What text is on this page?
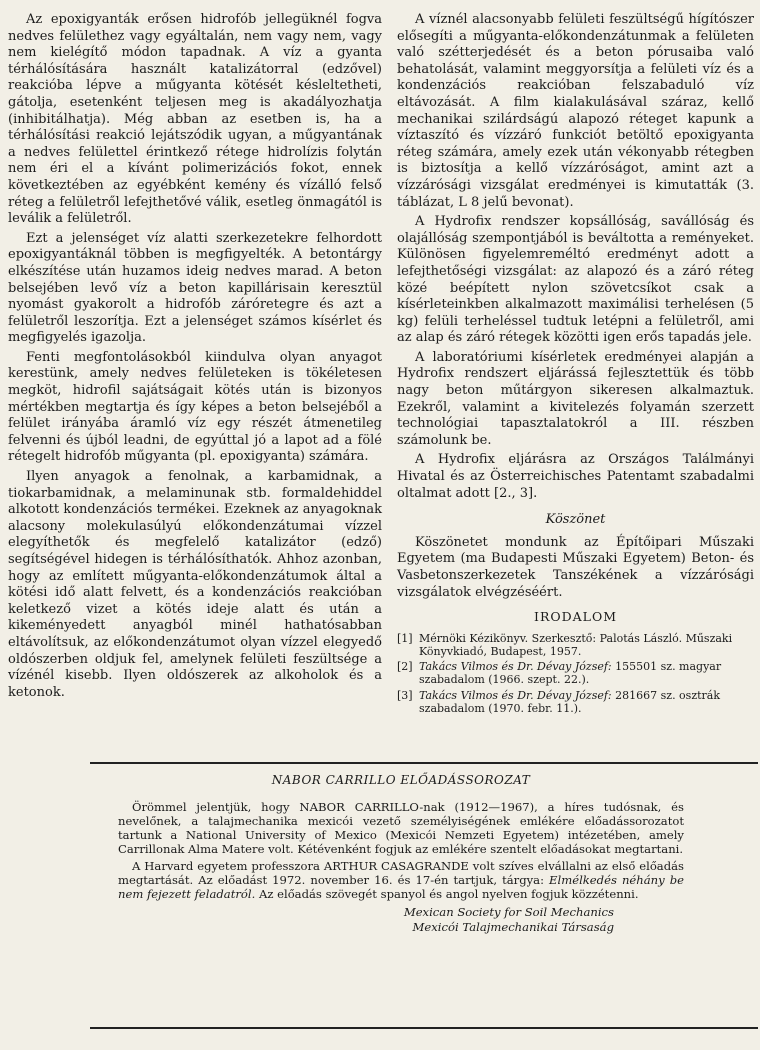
Az epoxigyanták erősen hidrofób jellegüknél fogva nedves felülethez vagy egyáltalán, nem vagy nem, vagy nem kielégítő módon tapadnak. A víz a gyanta térhálósítására használt katalizátorral (edzővel) reakcióba lépve a műgyanta kötését késleltetheti, gátolja, esetenként teljesen meg is akadályozhatja (inhibitálhatja). Még abban az esetben is, ha a térhálósítási reakció lejátszódik ugyan, a műgyantának a nedves felülettel érintkező rétege hidrolízis folytán nem éri el a kívánt polimerizációs fokot, ennek következtében az egyébként kemény és vízálló felső réteg a felületről lefejthetővé válik, esetleg önmagától is leválik a felületről.

Ezt a jelenséget víz alatti szerkezetekre felhordott epoxigyantáknál többen is megfigyelték. A betontárgy elkészítése után huzamos ideig nedves marad. A beton belsejében levő víz a beton kapillárisain keresztül nyomást gyakorolt a hidrofób záróretegre és azt a felületről leszorítja. Ezt a jelenséget számos kísérlet és megfigyelés igazolja.

Fenti megfontolásokból kiindulva olyan anyagot kerestünk, amely nedves felületeken is tökéletesen megköt, hidrofil sajátságait kötés után is bizonyos mértékben megtartja és így képes a beton belsejéből a felület irányába áramló víz egy részét átmenetileg felvenni és újból leadni, de egyúttal jó a lapot ad a fölé rétegelt hidrofób műgyanta (pl. epoxigyanta) számára.

Ilyen anyagok a fenolnak, a karbamidnak, a tiokarbamidnak, a melaminunak stb. formaldehiddel alkotott kondenzációs termékei. Ezeknek az anyagoknak alacsony molekulasúlyú előkondenzátumai vízzel elegyíthetők és megfelelő katalizátor (edző) segítségével hidegen is térhálósíthatók. Ahhoz azonban, hogy az említett műgyanta-előkondenzátumok által a kötési idő alatt felvett, és a kondenzációs reakcióban keletkező vizet a kötés ideje alatt és után a kikeményedett anyagból minél hathatósabban eltávolítsuk, az előkondenzátumot olyan vízzel elegyedő oldószerben oldjuk fel, amelynek felületi feszültsége a vízénél kisebb. Ilyen oldószerek az alkoholok és a ketonok.

A víznél alacsonyabb felületi feszültségű hígítószer elősegíti a műgyanta-előkondenzátunmak a felületen való szétterjedését és a beton pórusaiba való behatolását, valamint meggyorsítja a felületi víz és a kondenzációs reakcióban felszabaduló víz eltávozását. A film kialakulásával száraz, kellő mechanikai szilárdságú alapozó réteget kapunk a víztaszító és vízzáró funkciót betöltő epoxigyanta réteg számára, amely ezek után vékonyabb rétegben is biztosítja a kellő vízzáróságot, amint azt a vízzárósági vizsgálat eredményei is kimutatták (3. táblázat, L 8 jelű bevonat).

A Hydrofix rendszer kopsállóság, savállóság és olajállóság szempontjából is beváltotta a reményeket. Különösen figyelemreméltó eredményt adott a lefejthetőségi vizsgálat: az alapozó és a záró réteg közé beépített nylon szövetcsíkot csak a kísérleteinkben alkalmazott maximálisi terhelésen (5 kg) felüli terheléssel tudtuk letépni a felületről, ami az alap és záró rétegek közötti igen erős tapadás jele.

A laboratóriumi kísérletek eredményei alapján a Hydrofix rendszert eljárássá fejlesztettük és több nagy beton műtárgyon sikeresen alkalmaztuk. Ezekről, valamint a kivitelezés folyamán szerzett technológiai tapasztalatokról a III. részben számolunk be.

A Hydrofix eljárásra az Országos Találmányi Hivatal és az Österreichisches Patentamt szabadalmi oltalmat adott [2., 3].

Köszönet

Köszönetet mondunk az Építőipari Műszaki Egyetem (ma Budapesti Műszaki Egyetem) Beton- és Vasbetonszerkezetek Tanszékének a vízzárósági vizsgálatok elvégzéséért.

IRODALOM
[1] Mérnöki Kézikönyv. Szerkesztő: Palotás László. Műszaki Könyvkiadó, Budapest, 1957.
[2] Takács Vilmos és Dr. Dévay József: 155501 sz. magyar szabadalom (1966. szept. 22.).
[3] Takács Vilmos és Dr. Dévay József: 281667 sz. osztrák szabadalom (1970. febr. 11.).
NABOR CARRILLO ELŐADÁSSOROZAT

Örömmel jelentjük, hogy NABOR CARRILLO-nak (1912—1967), a híres tudósnak, és nevelőnek, a talajmechanika mexicói vezető személyiségének emlékére előadássorozatot tartunk a National University of Mexico (Mexicói Nemzeti Egyetem) intézetében, amely Carrillonak Alma Matere volt. Kétévenként fogjuk az emlékére szentelt előadásokat megtartani.

A Harvard egyetem professzora ARTHUR CASAGRANDE volt szíves elvállalni az első előadás megtartását. Az előadást 1972. november 16. és 17-én tartjuk, tárgya: Elmélkedés néhány be nem fejezett feladatról. Az előadás szövegét spanyol és angol nyelven fogjuk közzétenni.

Mexican Society for Soil Mechanics
Mexicói Talajmechanikai Társaság
